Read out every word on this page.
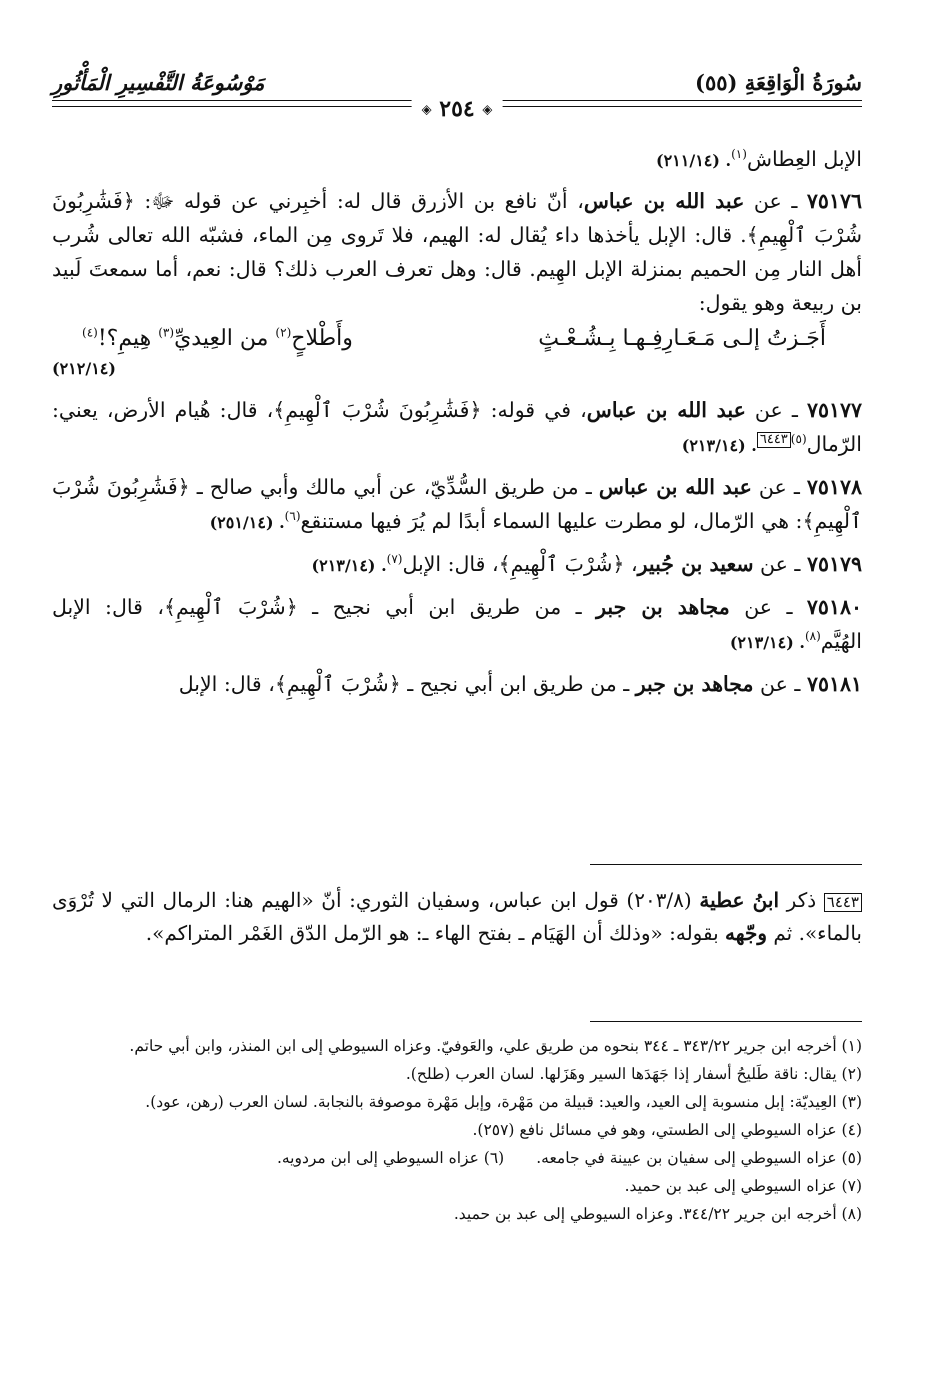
سُورَةُ الْوَاقِعَةِ (٥٥)
مَوْسُوعَةُ التَّفْسِيرِ الْمَأْثُورِ
◈ ٢٥٤ ◈

الإبل العِطاش$^{(١)}$. (٢١١/١٤)

٧٥١٧٦ ـ عن عبد الله بن عباس، أنّ نافع بن الأزرق قال له: أخبِرني عن قوله ﷻ: ﴿فَشَٰرِبُونَ شُرْبَ ٱلْهِيمِ﴾. قال: الإبل يأخذها داء يُقال له: الهيم، فلا تَروى مِن الماء، فشبّه الله تعالى شُرب أهل النار مِن الحميم بمنزلة الإبل الهِيم. قال: وهل تعرف العرب ذلك؟ قال: نعم، أما سمعتَ لَبيد بن ربيعة وهو يقول:
أَجَـزتُ إلـى مَـعَـارِفِـهـا بِـشُـعْـثٍ
وأَطْلاحٍ$^{(٢)}$ من العِيديِّ$^{(٣)}$ هِيمِ؟!$^{(٤)}$
(٢١٢/١٤)

٧٥١٧٧ ـ عن عبد الله بن عباس، في قوله: ﴿فَشَٰرِبُونَ شُرْبَ ٱلْهِيمِ﴾، قال: هُيام الأرض، يعني: الرّمال$^{(٥)}$٦٤٤٣. (٢١٣/١٤)

٧٥١٧٨ ـ عن عبد الله بن عباس ـ من طريق السُّدِّيّ، عن أبي مالك وأبي صالح ـ ﴿فَشَٰرِبُونَ شُرْبَ ٱلْهِيمِ﴾: هي الرّمال، لو مطرت عليها السماء أبدًا لم يُرَ فيها مستنقع$^{(٦)}$. (٢٥١/١٤)

٧٥١٧٩ ـ عن سعيد بن جُبير، ﴿شُرْبَ ٱلْهِيمِ﴾، قال: الإبل$^{(٧)}$. (٢١٣/١٤)

٧٥١٨٠ ـ عن مجاهد بن جبر ـ من طريق ابن أبي نجيح ـ ﴿شُرْبَ ٱلْهِيمِ﴾، قال: الإبل الهُيَّم$^{(٨)}$. (٢١٣/١٤)

٧٥١٨١ ـ عن مجاهد بن جبر ـ من طريق ابن أبي نجيح ـ ﴿شُرْبَ ٱلْهِيمِ﴾، قال: الإبل

٦٤٤٣ ذكر ابنُ عطية (٢٠٣/٨) قول ابن عباس، وسفيان الثوري: أنّ «الهيم هنا: الرمال التي لا تُرْوَى بالماء». ثم وجّهه بقوله: «وذلك أن الهَيَام ـ بفتح الهاء ـ: هو الرّمل الدّق الغَمْر المتراكم».

(١) أخرجه ابن جرير ٣٤٣/٢٢ ـ ٣٤٤ بنحوه من طريق علي، والعَوفيّ. وعزاه السيوطي إلى ابن المنذر، وابن أبي حاتم.

(٢) يقال: ناقة طَليحُ أسفار إذا جَهَدَها السير وهَزَلها. لسان العرب (طلح).

(٣) العِيديّة: إبل منسوبة إلى العيد، والعيد: قبيلة من مَهْرة، وإبل مَهْرة موصوفة بالنجابة. لسان العرب (رهن، عود).

(٤) عزاه السيوطي إلى الطستي، وهو في مسائل نافع (٢٥٧).

(٥) عزاه السيوطي إلى سفيان بن عيينة في جامعه.
(٦) عزاه السيوطي إلى ابن مردويه.

(٧) عزاه السيوطي إلى عبد بن حميد.

(٨) أخرجه ابن جرير ٣٤٤/٢٢. وعزاه السيوطي إلى عبد بن حميد.
